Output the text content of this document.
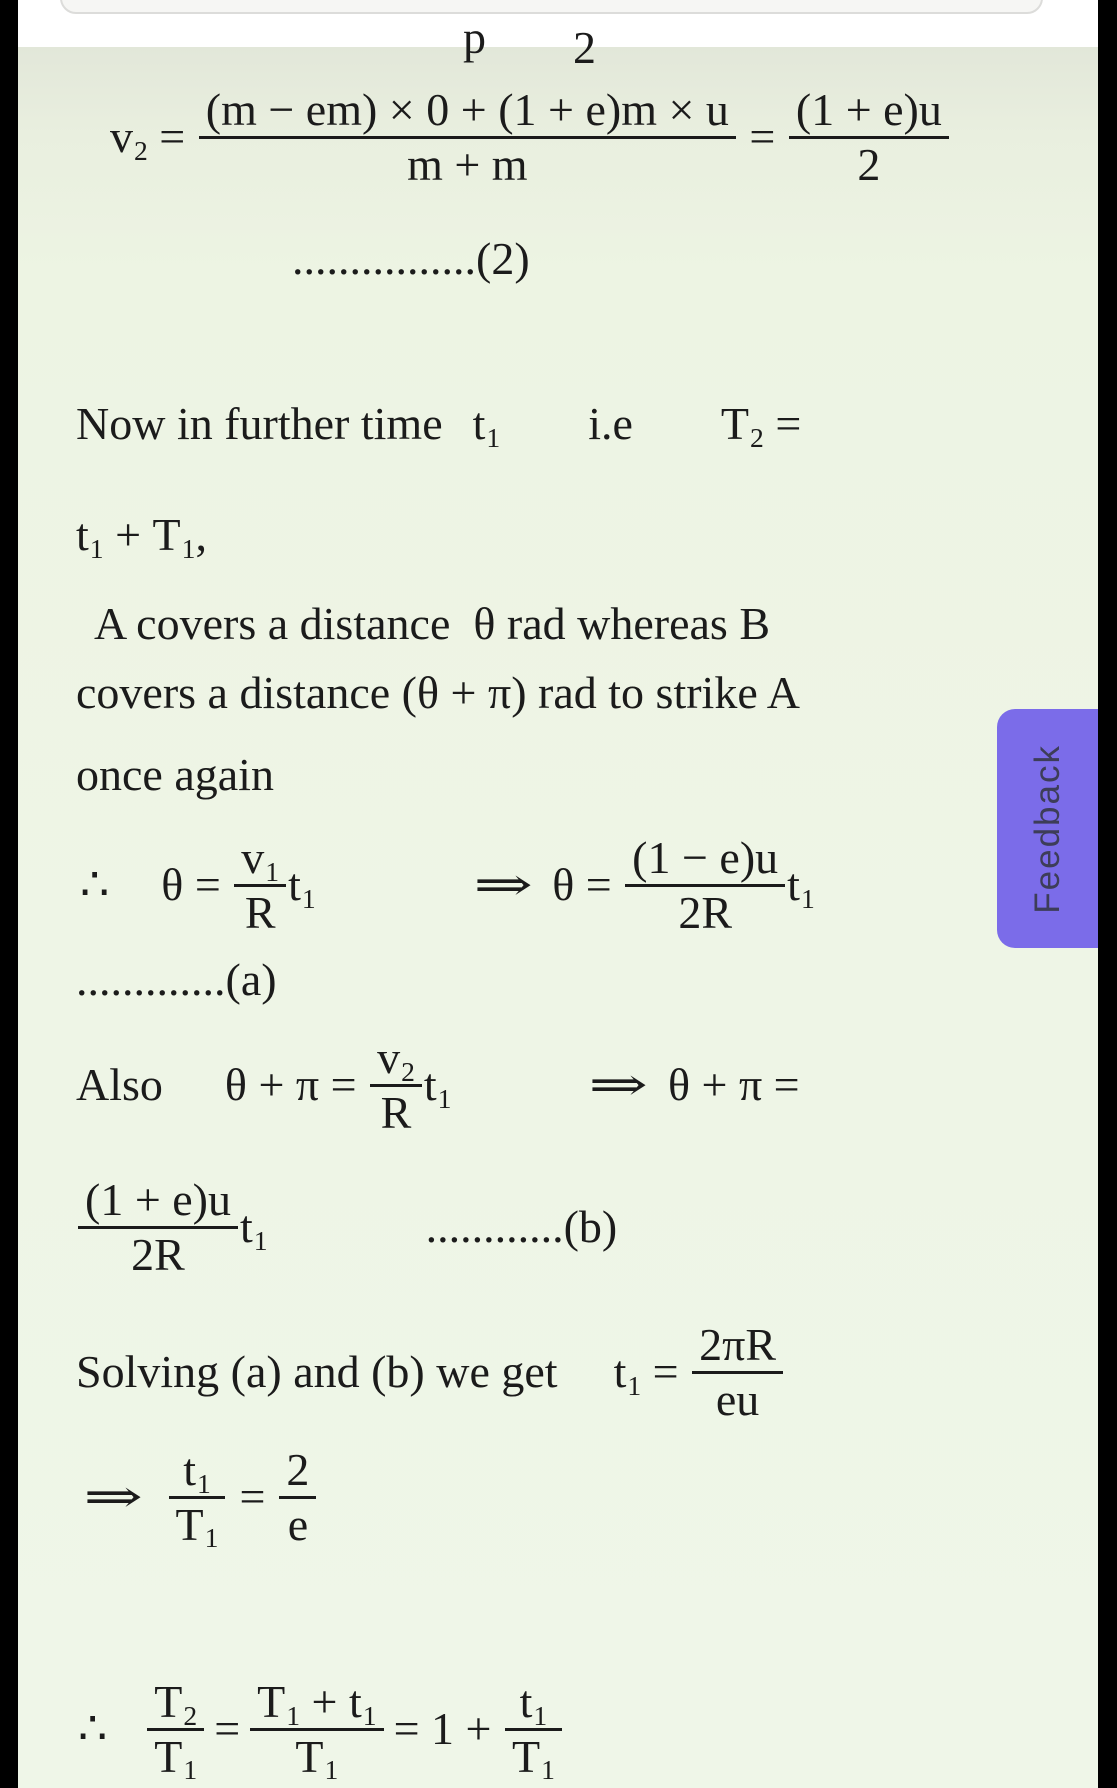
p 2
$v2 = \frac{(m - em) \times 0 + (1 + e)m \times u}{m + m} = \frac{(1 + e)u}{2}$
................(2)
Now in further time t1 i.e T2 =
t1 + T1 ,
A covers a distance  θ rad whereas B
covers a distance (θ + π) rad to strike A
once again
∴ $\theta = \frac{v1}{R} t1$	⇒ $\theta = \frac{(1 - e)u}{2R} t1$
.............(a)
Also $\theta + \pi = \frac{v2}{R} t1$	⇒ θ + π =
$\frac{(1 + e)u}{2R} t1$	............(b)
Solving (a) and (b) we get $t1 = \frac{2\pi R}{eu}$
⇒ $\frac{t1}{T1} = \frac{2}{e}$
∴ $\frac{T2}{T1} = \frac{T1 + t1}{T1} = 1 + \frac{t1}{T1}$
Feedback
